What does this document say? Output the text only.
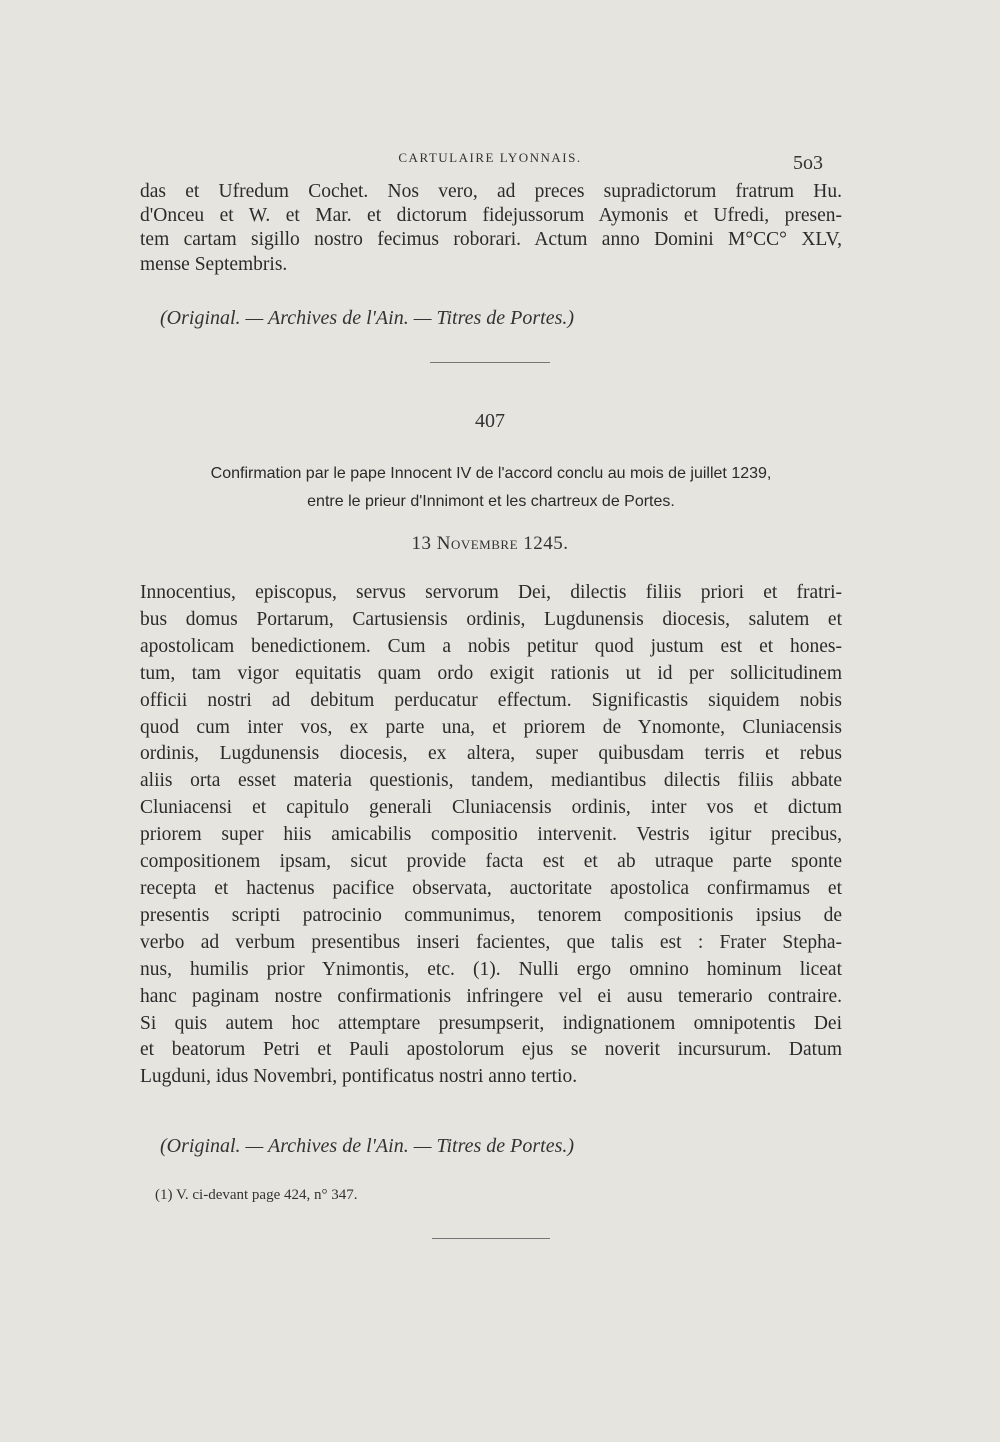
CARTULAIRE LYONNAIS.	5o3
das et Ufredum Cochet. Nos vero, ad preces supradictorum fratrum Hu.
d'Onceu et W. et Mar. et dictorum fidejussorum Aymonis et Ufredi, presen-
tem cartam sigillo nostro fecimus roborari. Actum anno Domini M°CC° XLV,
mense Septembris.
(Original. — Archives de l'Ain. — Titres de Portes.)
407
Confirmation par le pape Innocent IV de l'accord conclu au mois de juillet 1239,
entre le prieur d'Innimont et les chartreux de Portes.
13 Novembre 1245.
Innocentius, episcopus, servus servorum Dei, dilectis filiis priori et fratri-
bus domus Portarum, Cartusiensis ordinis, Lugdunensis diocesis, salutem et
apostolicam benedictionem. Cum a nobis petitur quod justum est et hones-
tum, tam vigor equitatis quam ordo exigit rationis ut id per sollicitudinem
officii nostri ad debitum perducatur effectum. Significastis siquidem nobis
quod cum inter vos, ex parte una, et priorem de Ynomonte, Cluniacensis
ordinis, Lugdunensis diocesis, ex altera, super quibusdam terris et rebus
aliis orta esset materia questionis, tandem, mediantibus dilectis filiis abbate
Cluniacensi et capitulo generali Cluniacensis ordinis, inter vos et dictum
priorem super hiis amicabilis compositio intervenit. Vestris igitur precibus,
compositionem ipsam, sicut provide facta est et ab utraque parte sponte
recepta et hactenus pacifice observata, auctoritate apostolica confirmamus et
presentis scripti patrocinio communimus, tenorem compositionis ipsius de
verbo ad verbum presentibus inseri facientes, que talis est : Frater Stepha-
nus, humilis prior Ynimontis, etc. (1). Nulli ergo omnino hominum liceat
hanc paginam nostre confirmationis infringere vel ei ausu temerario contraire.
Si quis autem hoc attemptare presumpserit, indignationem omnipotentis Dei
et beatorum Petri et Pauli apostolorum ejus se noverit incursurum. Datum
Lugduni, idus Novembri, pontificatus nostri anno tertio.
(Original. — Archives de l'Ain. — Titres de Portes.)
(1) V. ci-devant page 424, n° 347.
